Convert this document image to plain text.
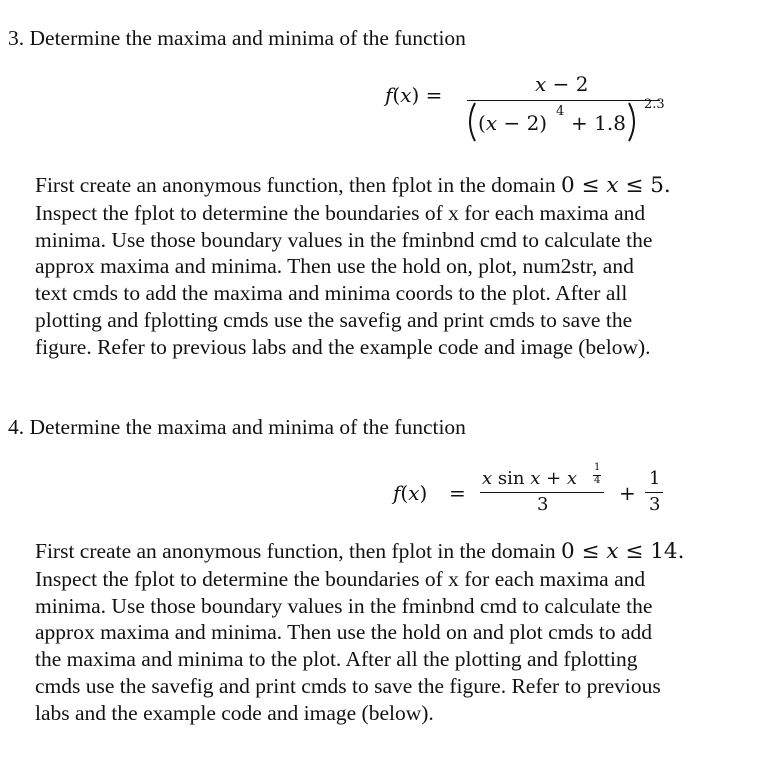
3. Determine the maxima and minima of the function
f(x) =	x − 2
(x − 2) 4 + 1.8
2.3
First create an anonymous function, then fplot in the domain 0 ≤ x ≤ 5.
Inspect the fplot to determine the boundaries of x for each maxima and
minima. Use those boundary values in the fminbnd cmd to calculate the
approx maxima and minima. Then use the hold on, plot, num2str, and
text cmds to add the maxima and minima coords to the plot. After all
plotting and fplotting cmds use the savefig and print cmds to save the
figure. Refer to previous labs and the example code and image (below).
4. Determine the maxima and minima of the function
f(x) =
x sin x + x
1
4
3	+
1
3
First create an anonymous function, then fplot in the domain 0 ≤ x ≤ 14.
Inspect the fplot to determine the boundaries of x for each maxima and
minima. Use those boundary values in the fminbnd cmd to calculate the
approx maxima and minima. Then use the hold on and plot cmds to add
the maxima and minima to the plot. After all the plotting and fplotting
cmds use the savefig and print cmds to save the figure. Refer to previous
labs and the example code and image (below).
